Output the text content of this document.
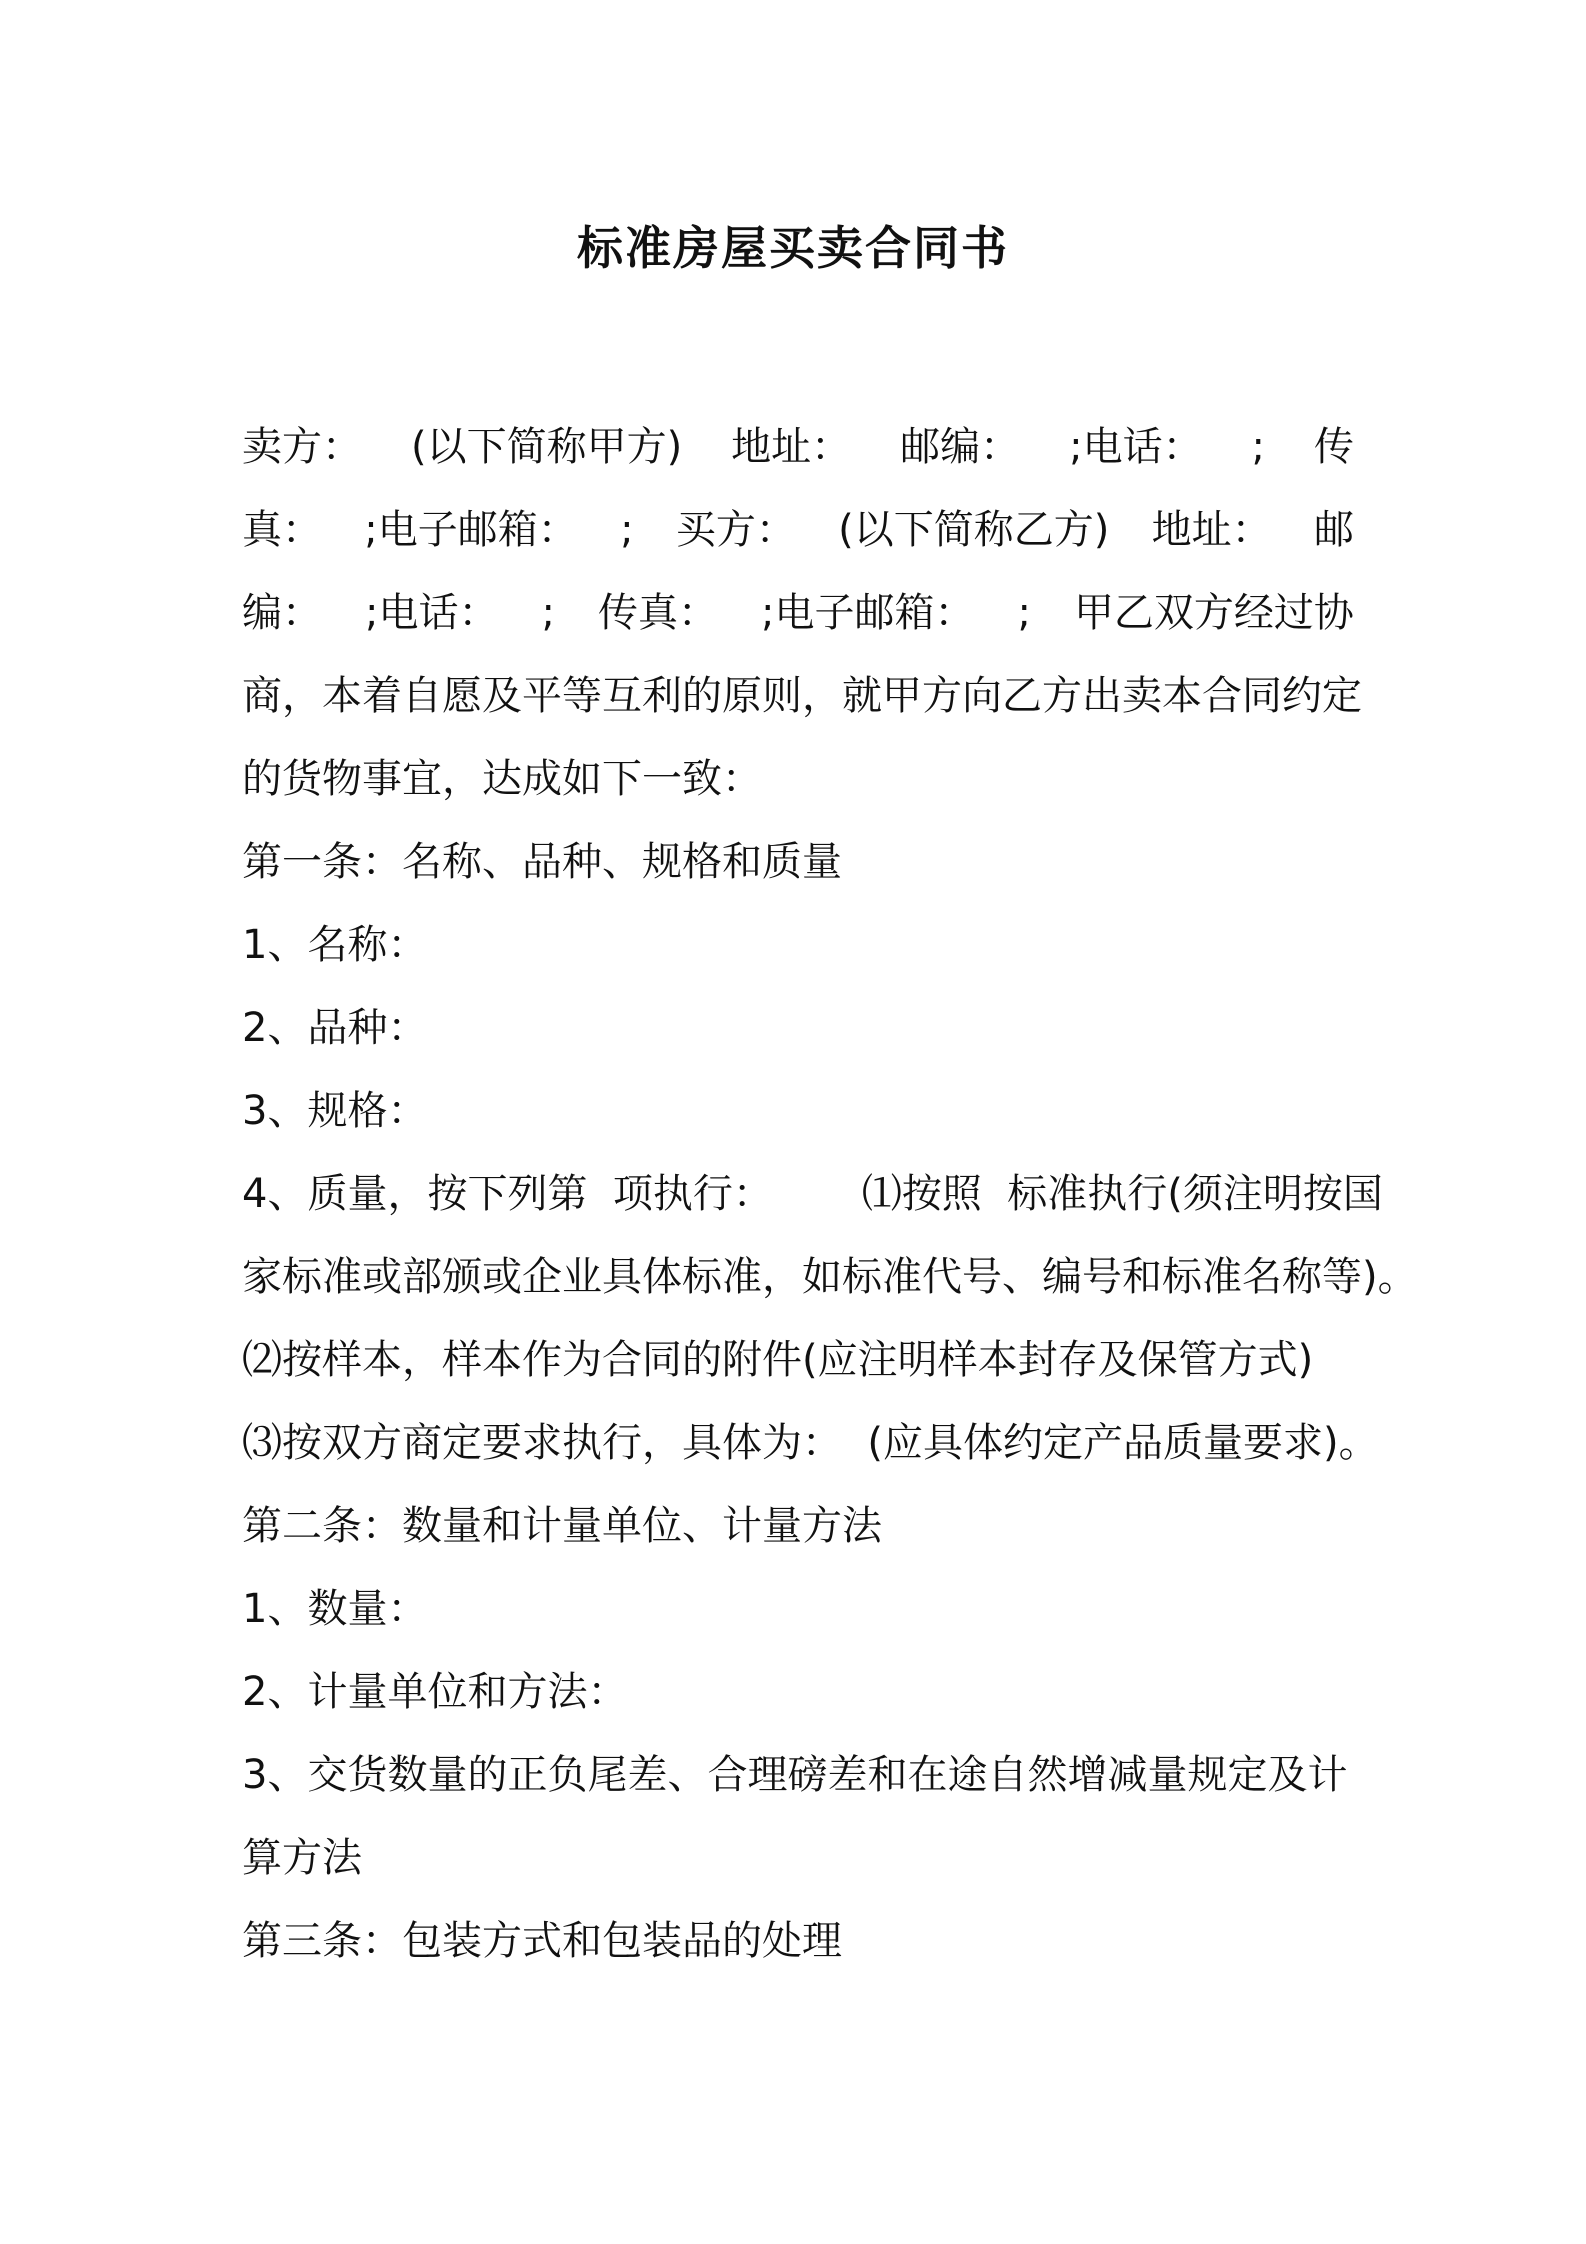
标准房屋买卖合同书
卖方： (以下简称甲方) 地址： 邮编： ;电话： ; 传
真： ;电子邮箱： ; 买方： (以下简称乙方) 地址： 邮
编： ;电话： ; 传真： ;电子邮箱： ; 甲乙双方经过协
商，本着自愿及平等互利的原则，就甲方向乙方出卖本合同约定

的货物事宜，达成如下一致：

第一条：名称、品种、规格和质量

1、名称：

2、品种：

3、规格：

4、质量，按下列第  项执行：       ⑴按照  标准执行(须注明按国

家标准或部颁或企业具体标准，如标准代号、编号和标准名称等)。

⑵按样本，样本作为合同的附件(应注明样本封存及保管方式)

⑶按双方商定要求执行，具体为：  (应具体约定产品质量要求)。

第二条：数量和计量单位、计量方法

1、数量：

2、计量单位和方法：

3、交货数量的正负尾差、合理磅差和在途自然增减量规定及计

算方法

第三条：包装方式和包装品的处理
